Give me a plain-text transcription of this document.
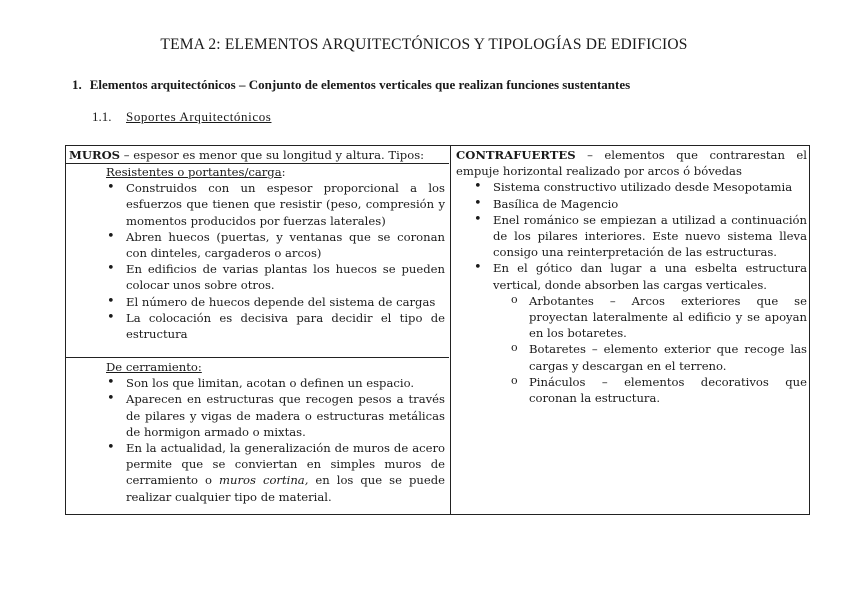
TEMA 2: ELEMENTOS ARQUITECTÓNICOS Y TIPOLOGÍAS DE EDIFICIOS
1. Elementos arquitectónicos – Conjunto de elementos verticales que realizan funciones sustentantes
1.1. Soportes Arquitectónicos
MUROS – espesor es menor que su longitud y altura. Tipos:
Resistentes o portantes/carga:
• Construidos con un espesor proporcional a los esfuerzos que tienen que resistir (peso, compresión y momentos producidos por fuerzas laterales)
• Abren huecos (puertas, y ventanas que se coronan con dinteles, cargaderos o arcos)
• En edificios de varias plantas los huecos se pueden colocar unos sobre otros.
• El número de huecos depende del sistema de cargas
• La colocación es decisiva para decidir el tipo de estructura
De cerramiento:
• Son los que limitan, acotan o definen un espacio.
• Aparecen en estructuras que recogen pesos a través de pilares y vigas de madera o estructuras metálicas de hormigon armado o mixtas.
• En la actualidad, la generalización de muros de acero permite que se conviertan en simples muros de cerramiento o muros cortina, en los que se puede realizar cualquier tipo de material.
CONTRAFUERTES – elementos que contrarestan el empuje horizontal realizado por arcos ó bóvedas
• Sistema constructivo utilizado desde Mesopotamia
• Basílica de Magencio
• Enel románico se empiezan a utilizad a continuación de los pilares interiores. Este nuevo sistema lleva consigo una reinterpretación de las estructuras.
• En el gótico dan lugar a una esbelta estructura vertical, donde absorben las cargas verticales.
o Arbotantes – Arcos exteriores que se proyectan lateralmente al edificio y se apoyan en los botaretes.
o Botaretes – elemento exterior que recoge las cargas y descargan en el terreno.
o Pináculos – elementos decorativos que coronan la estructura.
